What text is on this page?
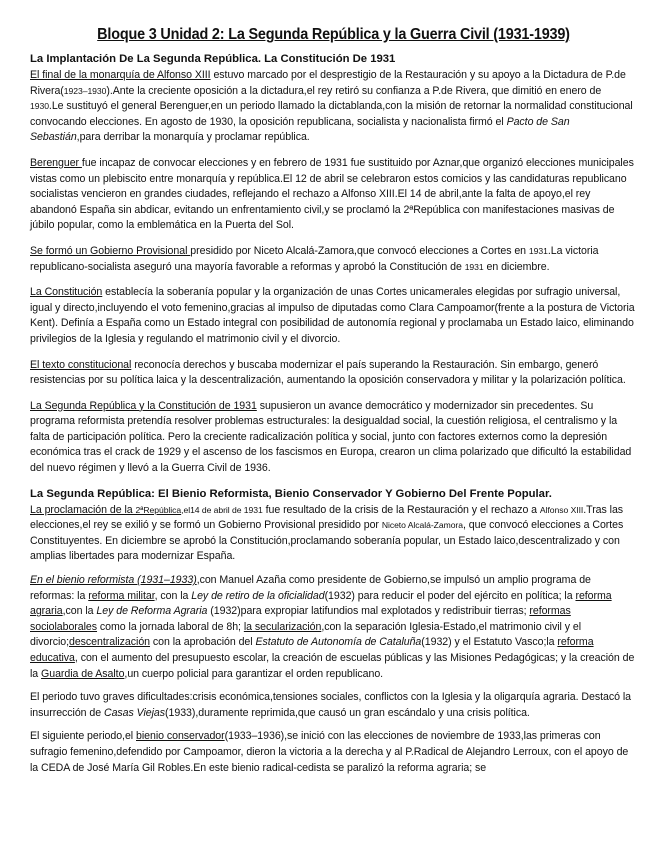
Bloque 3 Unidad 2: La Segunda República y la Guerra Civil (1931-1939)
La Implantación De La Segunda República. La Constitución De 1931

El final de la monarquía de Alfonso XIII estuvo marcado por el desprestigio de la Restauración y su apoyo a la Dictadura de P.de Rivera(1923–1930).Ante la creciente oposición a la dictadura,el rey retiró su confianza a P.de Rivera, que dimitió en enero de 1930.Le sustituyó el general Berenguer,en un periodo llamado la dictablanda,con la misión de retornar la normalidad constitucional convocando elecciones. En agosto de 1930, la oposición republicana, socialista y nacionalista firmó el Pacto de San Sebastián,para derribar la monarquía y proclamar república.

Berenguer fue incapaz de convocar elecciones y en febrero de 1931 fue sustituido por Aznar,que organizó elecciones municipales vistas como un plebiscito entre monarquía y república.El 12 de abril se celebraron estos comicios y las candidaturas republicano socialistas vencieron en grandes ciudades, reflejando el rechazo a Alfonso XIII.El 14 de abril,ante la falta de apoyo,el rey abandonó España sin abdicar, evitando un enfrentamiento civil,y se proclamó la 2ªRepública con manifestaciones masivas de júbilo popular, como la emblemática en la Puerta del Sol.

Se formó un Gobierno Provisional presidido por Niceto Alcalá-Zamora,que convocó elecciones a Cortes en 1931.La victoria republicano-socialista aseguró una mayoría favorable a reformas y aprobó la Constitución de 1931 en diciembre.

La Constitución establecía la soberanía popular y la organización de unas Cortes unicamerales elegidas por sufragio universal, igual y directo,incluyendo el voto femenino,gracias al impulso de diputadas como Clara Campoamor(frente a la postura de Victoria Kent). Definía a España como un Estado integral con posibilidad de autonomía regional y proclamaba un Estado laico, eliminando privilegios de la Iglesia y regulando el matrimonio civil y el divorcio.

El texto constitucional reconocía derechos y buscaba modernizar el país superando la Restauración. Sin embargo, generó resistencias por su política laica y la descentralización, aumentando la oposición conservadora y militar y la polarización política.

La Segunda República y la Constitución de 1931 supusieron un avance democrático y modernizador sin precedentes. Su programa reformista pretendía resolver problemas estructurales: la desigualdad social, la cuestión religiosa, el centralismo y la falta de participación política. Pero la creciente radicalización política y social, junto con factores externos como la depresión económica tras el crack de 1929 y el ascenso de los fascismos en Europa, crearon un clima polarizado que dificultó la estabilidad del nuevo régimen y llevó a la Guerra Civil de 1936.

La Segunda República: El Bienio Reformista, Bienio Conservador Y Gobierno Del Frente Popular.

La proclamación de la 2ªRepública,el14 de abril de 1931 fue resultado de la crisis de la Restauración y el rechazo a Alfonso XIII.Tras las elecciones,el rey se exilió y se formó un Gobierno Provisional presidido por Niceto Alcalá-Zamora, que convocó elecciones a Cortes Constituyentes. En diciembre se aprobó la Constitución,proclamando soberanía popular, un Estado laico,descentralizado y con amplias libertades para modernizar España.

En el bienio reformista (1931–1933),con Manuel Azaña como presidente de Gobierno,se impulsó un amplio programa de reformas: la reforma militar, con la Ley de retiro de la oficialidad(1932) para reducir el poder del ejército en política; la reforma agraria,con la Ley de Reforma Agraria (1932)para expropiar latifundios mal explotados y redistribuir tierras; reformas sociolaborales como la jornada laboral de 8h; la secularización,con la separación Iglesia-Estado,el matrimonio civil y el divorcio;descentralización con la aprobación del Estatuto de Autonomía de Cataluña(1932) y el Estatuto Vasco;la reforma educativa, con el aumento del presupuesto escolar, la creación de escuelas públicas y las Misiones Pedagógicas; y la creación de la Guardia de Asalto,un cuerpo policial para garantizar el orden republicano.

El periodo tuvo graves dificultades:crisis económica,tensiones sociales, conflictos con la Iglesia y la oligarquía agraria. Destacó la insurrección de Casas Viejas(1933),duramente reprimida,que causó un gran escándalo y una crisis política.

El siguiente periodo,el bienio conservador(1933–1936),se inició con las elecciones de noviembre de 1933,las primeras con sufragio femenino,defendido por Campoamor, dieron la victoria a la derecha y al P.Radical de Alejandro Lerroux, con el apoyo de la CEDA de José María Gil Robles.En este bienio radical-cedista se paralizó la reforma agraria; se
